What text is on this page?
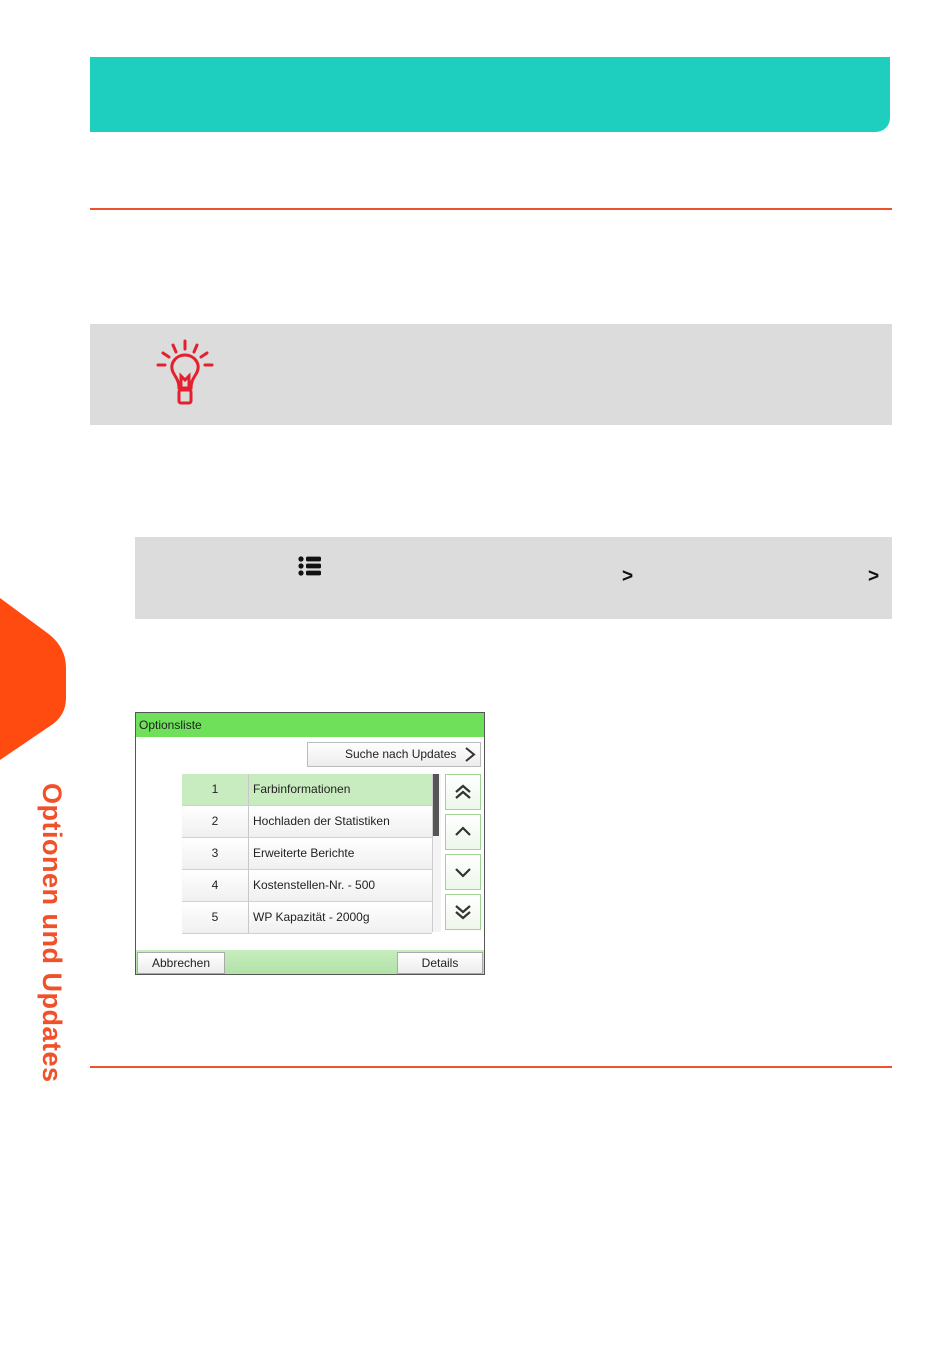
>	>
Optionen und Updates
Optionsliste
Suche nach Updates
1	Farbinformationen
2	Hochladen der Statistiken
3	Erweiterte Berichte
4	Kostenstellen-Nr. - 500
5	WP Kapazität - 2000g
Abbrechen	Details
